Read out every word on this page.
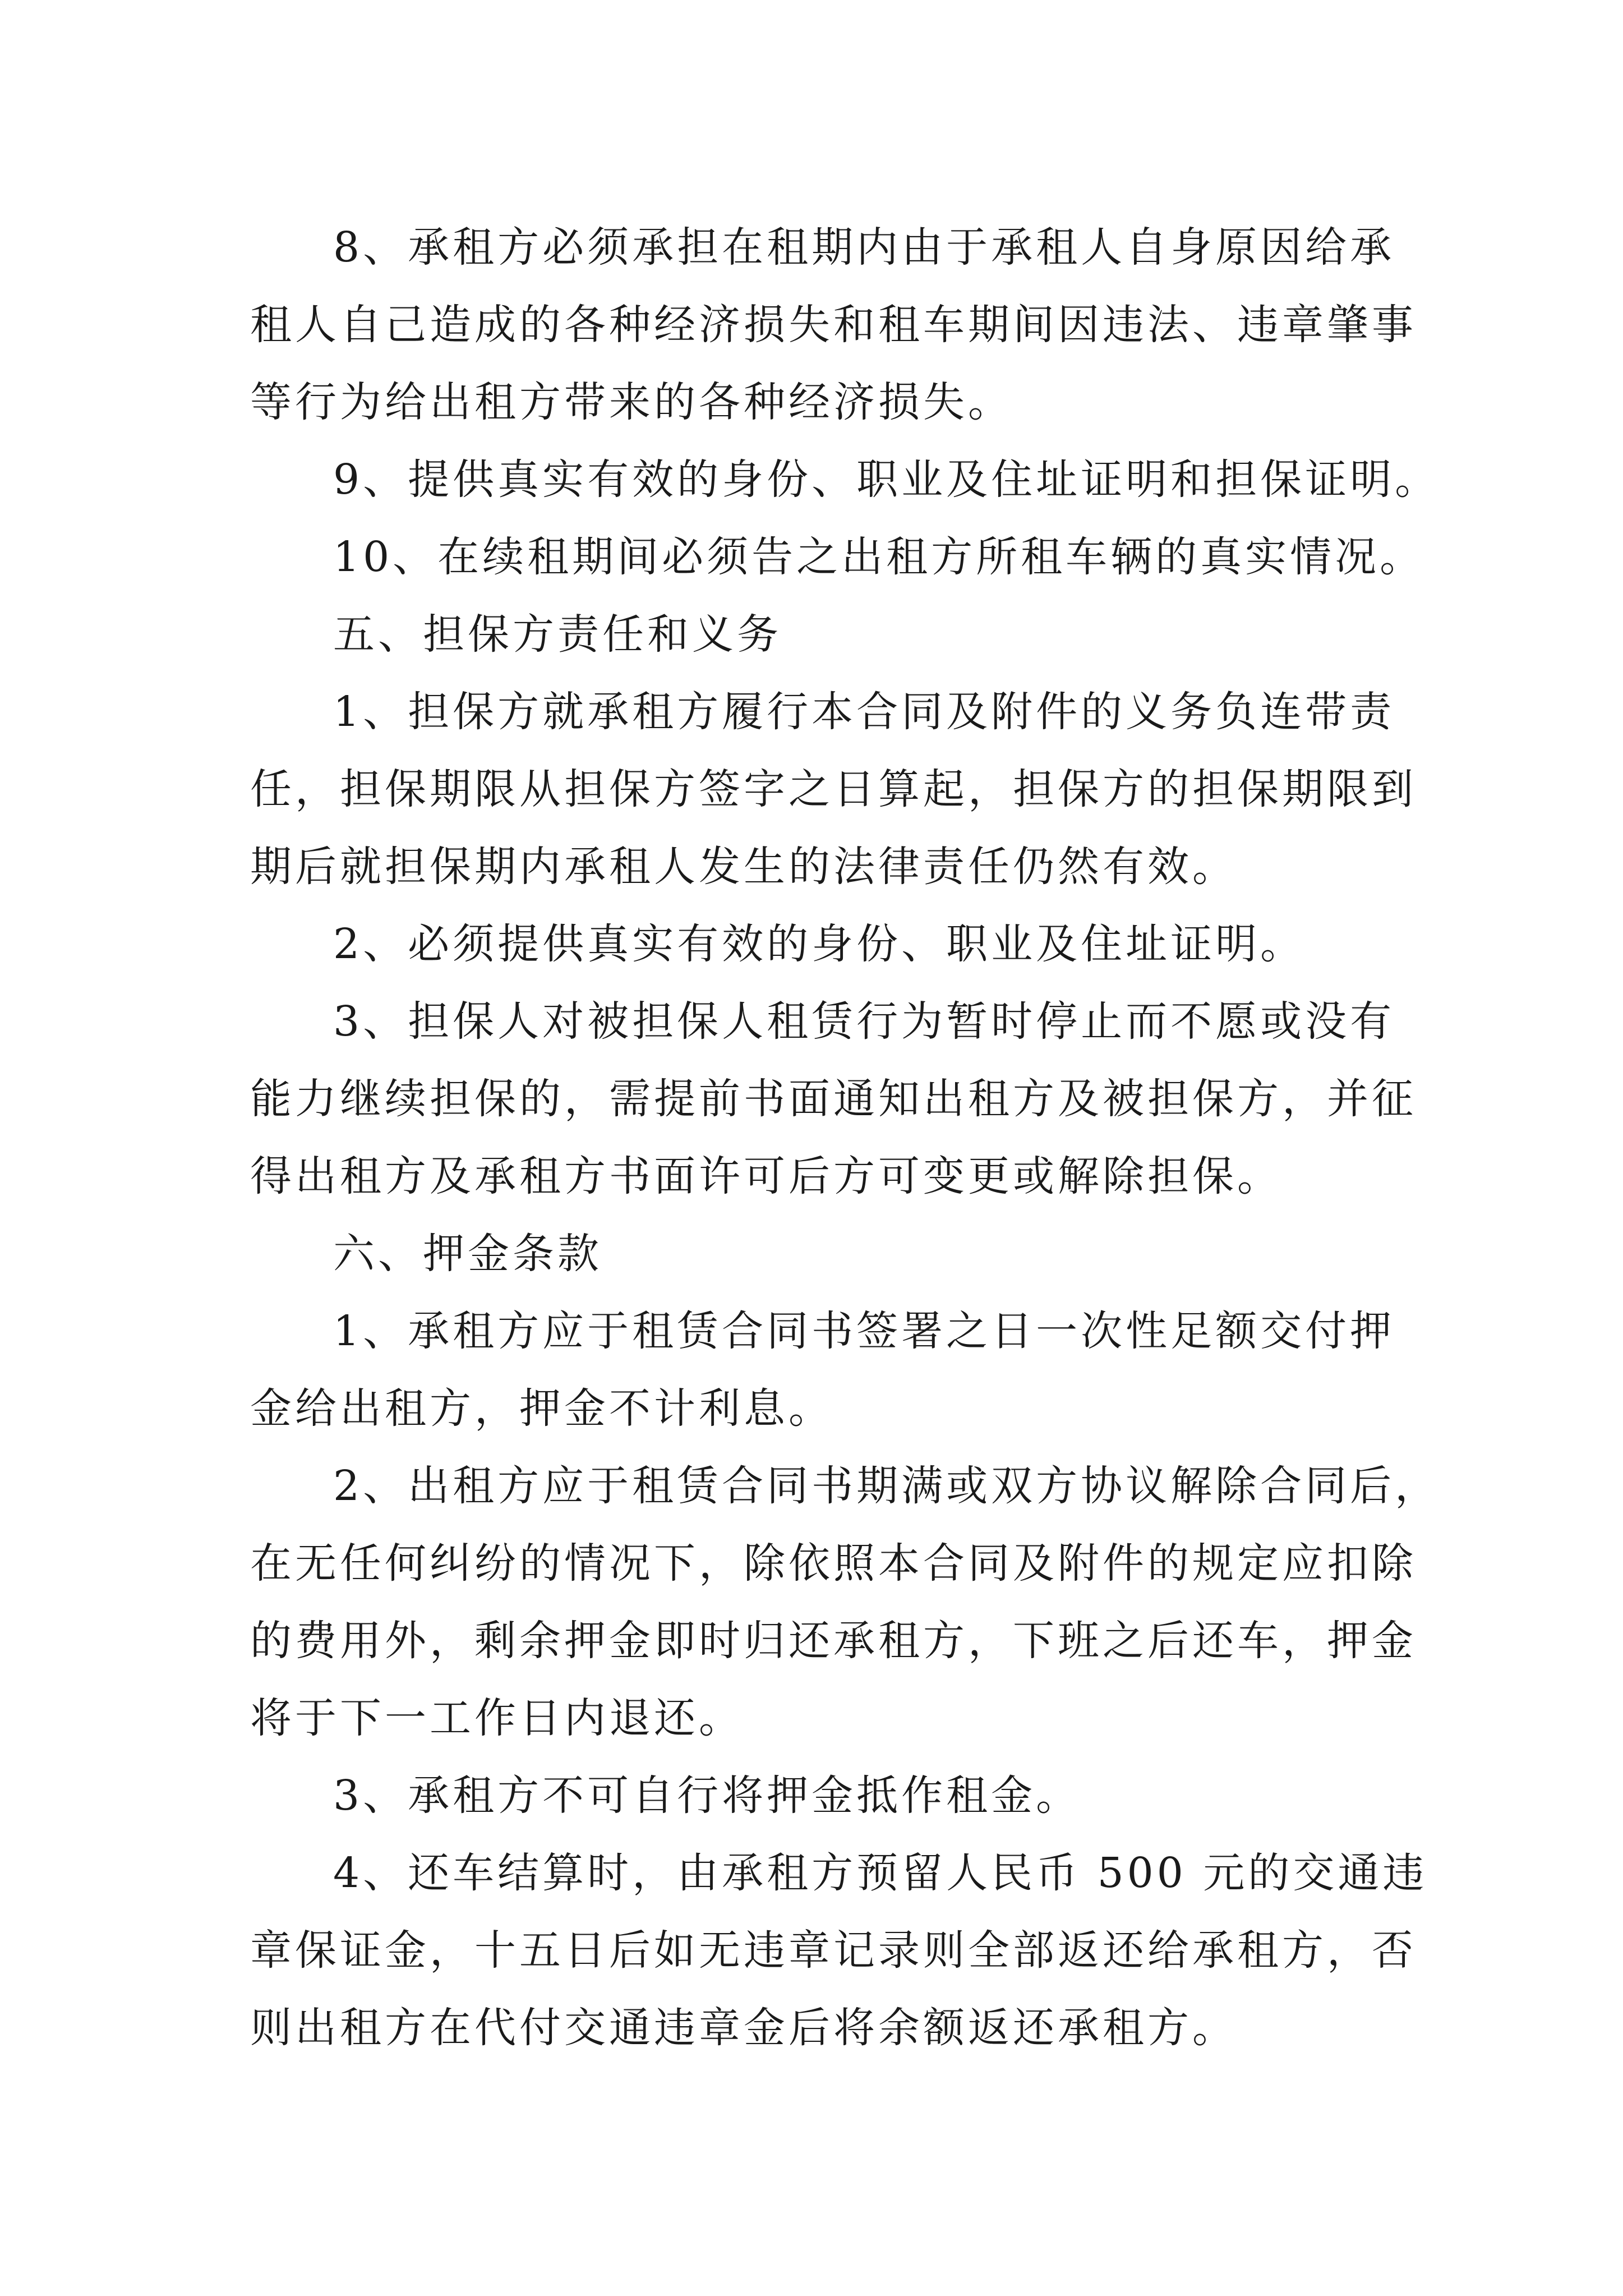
8、承租方必须承担在租期内由于承租人自身原因给承
租人自己造成的各种经济损失和租车期间因违法、违章肇事
等行为给出租方带来的各种经济损失。
9、提供真实有效的身份、职业及住址证明和担保证明。
10、在续租期间必须告之出租方所租车辆的真实情况。
五、担保方责任和义务
1、担保方就承租方履行本合同及附件的义务负连带责
任，担保期限从担保方签字之日算起，担保方的担保期限到
期后就担保期内承租人发生的法律责任仍然有效。
2、必须提供真实有效的身份、职业及住址证明。
3、担保人对被担保人租赁行为暂时停止而不愿或没有
能力继续担保的，需提前书面通知出租方及被担保方，并征
得出租方及承租方书面许可后方可变更或解除担保。
六、押金条款
1、承租方应于租赁合同书签署之日一次性足额交付押
金给出租方，押金不计利息。
2、出租方应于租赁合同书期满或双方协议解除合同后，
在无任何纠纷的情况下，除依照本合同及附件的规定应扣除
的费用外，剩余押金即时归还承租方，下班之后还车，押金
将于下一工作日内退还。
3、承租方不可自行将押金抵作租金。
4、还车结算时，由承租方预留人民币 500 元的交通违
章保证金，十五日后如无违章记录则全部返还给承租方，否
则出租方在代付交通违章金后将余额返还承租方。
